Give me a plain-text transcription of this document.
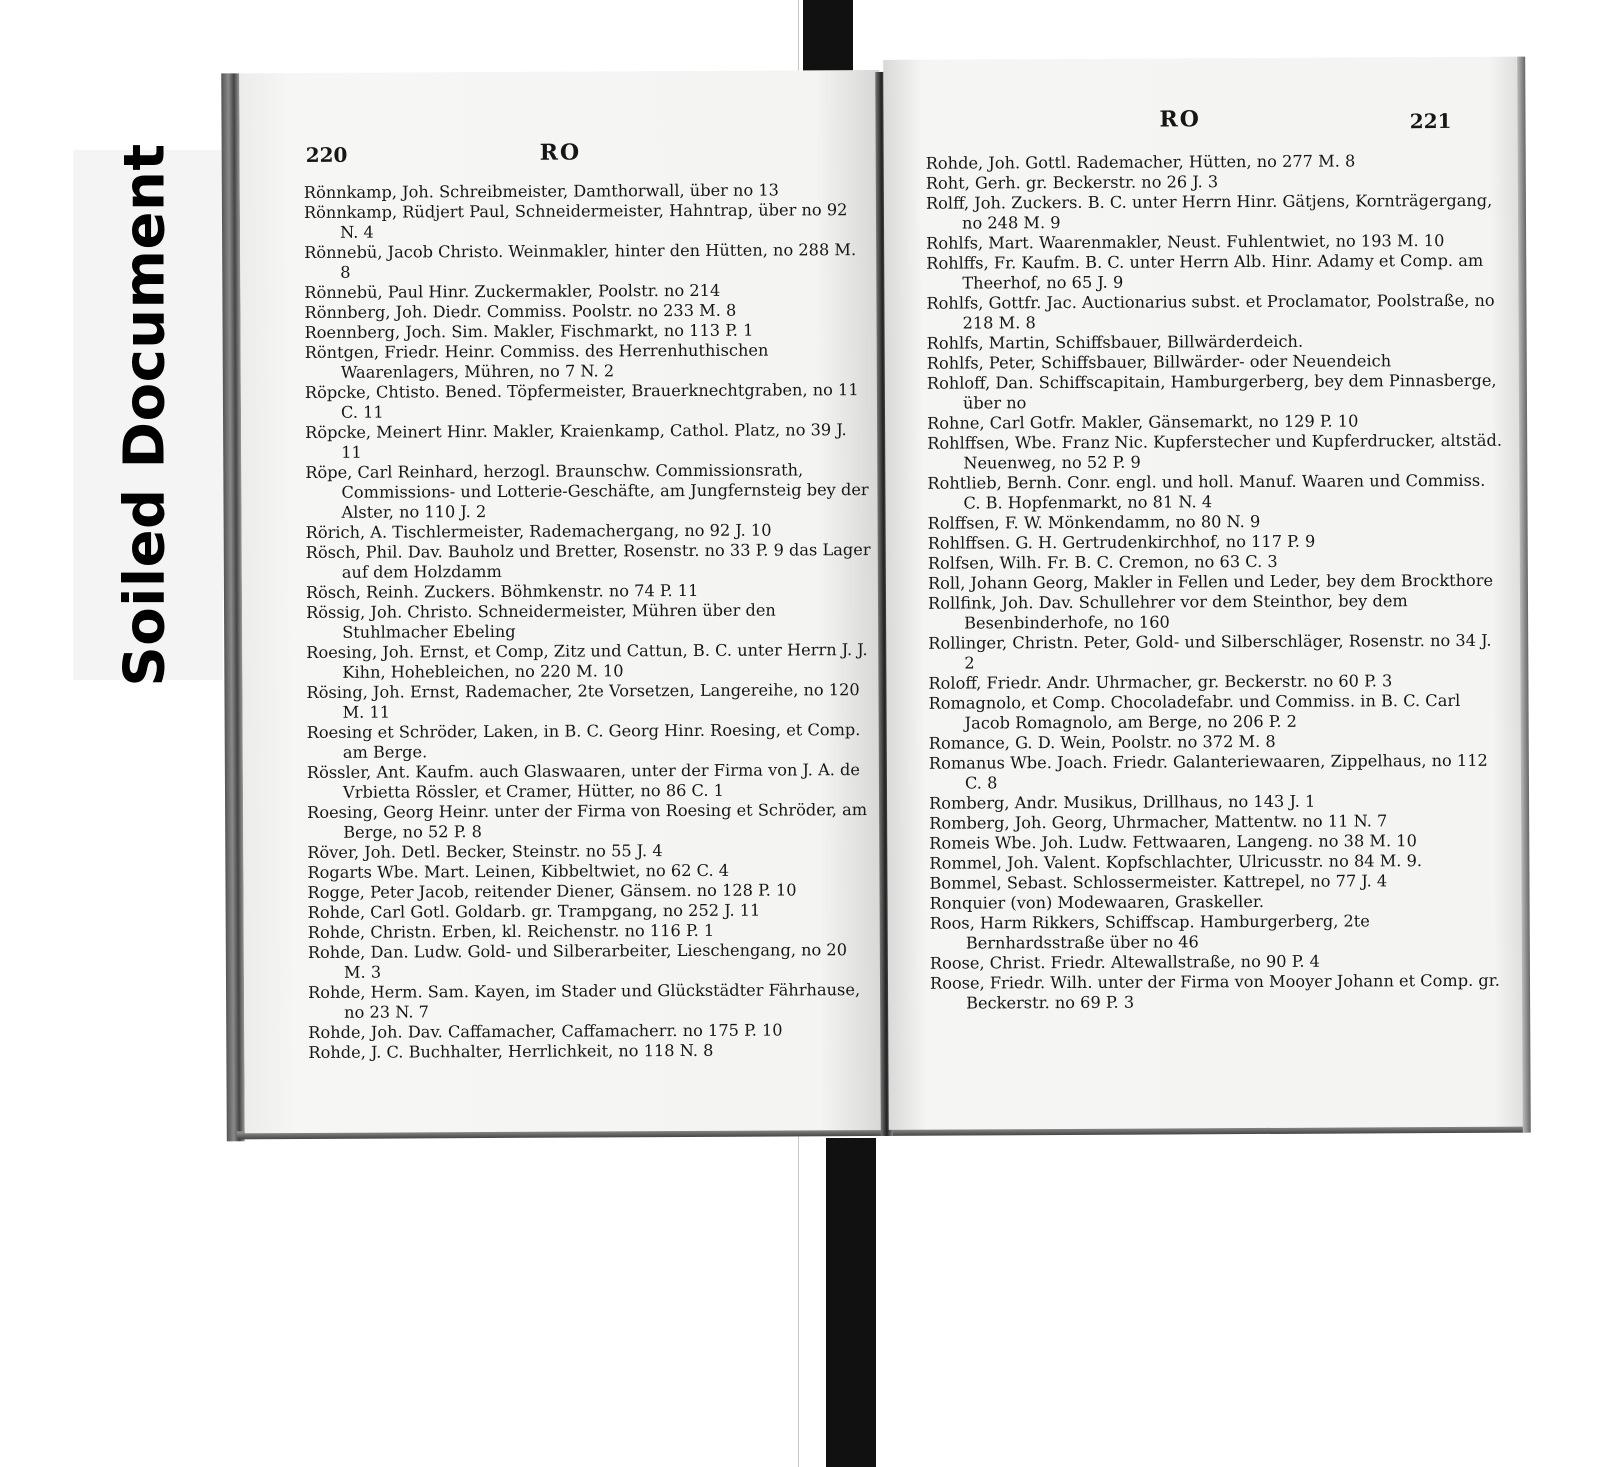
Soiled Document	220	RO
Rönnkamp, Joh. Schreibmeister, Damthorwall, über no 13
Rönnkamp, Rüdjert Paul, Schneidermeister, Hahntrap, über no 92 N. 4
Rönnebü, Jacob Christo. Weinmakler, hinter den Hütten, no 288 M. 8
Rönnebü, Paul Hinr. Zuckermakler, Poolstr. no 214
Rönnberg, Joh. Diedr. Commiss. Poolstr. no 233 M. 8
Roennberg, Joch. Sim. Makler, Fischmarkt, no 113 P. 1
Röntgen, Friedr. Heinr. Commiss. des Herrenhuthischen Waarenlagers, Mühren, no 7 N. 2
Röpcke, Chtisto. Bened. Töpfermeister, Brauerknechtgraben, no 11 C. 11
Röpcke, Meinert Hinr. Makler, Kraienkamp, Cathol. Platz, no 39 J. 11
Röpe, Carl Reinhard, herzogl. Braunschw. Commissionsrath, Commissions- und Lotterie-Geschäfte, am Jungfernsteig bey der Alster, no 110 J. 2
Rörich, A. Tischlermeister, Rademachergang, no 92 J. 10
Rösch, Phil. Dav. Bauholz und Bretter, Rosenstr. no 33 P. 9 das Lager auf dem Holzdamm
Rösch, Reinh. Zuckers. Böhmkenstr. no 74 P. 11
Rössig, Joh. Christo. Schneidermeister, Mühren über den Stuhlmacher Ebeling
Roesing, Joh. Ernst, et Comp, Zitz und Cattun, B. C. unter Herrn J. J. Kihn, Hohebleichen, no 220 M. 10
Rösing, Joh. Ernst, Rademacher, 2te Vorsetzen, Langereihe, no 120 M. 11
Roesing et Schröder, Laken, in B. C. Georg Hinr. Roesing, et Comp. am Berge.
Rössler, Ant. Kaufm. auch Glaswaaren, unter der Firma von J. A. de Vrbietta Rössler, et Cramer, Hütter, no 86 C. 1
Roesing, Georg Heinr. unter der Firma von Roesing et Schröder, am Berge, no 52 P. 8
Röver, Joh. Detl. Becker, Steinstr. no 55 J. 4
Rogarts Wbe. Mart. Leinen, Kibbeltwiet, no 62 C. 4
Rogge, Peter Jacob, reitender Diener, Gänsem. no 128 P. 10
Rohde, Carl Gotl. Goldarb. gr. Trampgang, no 252 J. 11
Rohde, Christn. Erben, kl. Reichenstr. no 116 P. 1
Rohde, Dan. Ludw. Gold- und Silberarbeiter, Lieschengang, no 20 M. 3
Rohde, Herm. Sam. Kayen, im Stader und Glückstädter Fährhause, no 23 N. 7
Rohde, Joh. Dav. Caffamacher, Caffamacherr. no 175 P. 10
Rohde, J. C. Buchhalter, Herrlichkeit, no 118 N. 8
221
RO
Rohde, Joh. Gottl. Rademacher, Hütten, no 277 M. 8
Roht, Gerh. gr. Beckerstr. no 26 J. 3
Rolff, Joh. Zuckers. B. C. unter Herrn Hinr. Gätjens, Kornträgergang, no 248 M. 9
Rohlfs, Mart. Waarenmakler, Neust. Fuhlentwiet, no 193 M. 10
Rohlffs, Fr. Kaufm. B. C. unter Herrn Alb. Hinr. Adamy et Comp. am Theerhof, no 65 J. 9
Rohlfs, Gottfr. Jac. Auctionarius subst. et Proclamator, Poolstraße, no 218 M. 8
Rohlfs, Martin, Schiffsbauer, Billwärderdeich.
Rohlfs, Peter, Schiffsbauer, Billwärder- oder Neuendeich
Rohloff, Dan. Schiffscapitain, Hamburgerberg, bey dem Pinnasberge, über no
Rohne, Carl Gotfr. Makler, Gänsemarkt, no 129 P. 10
Rohlffsen, Wbe. Franz Nic. Kupferstecher und Kupferdrucker, altstäd. Neuenweg, no 52 P. 9
Rohtlieb, Bernh. Conr. engl. und holl. Manuf. Waaren und Commiss. C. B. Hopfenmarkt, no 81 N. 4
Rolffsen, F. W. Mönkendamm, no 80 N. 9
Rohlffsen. G. H. Gertrudenkirchhof, no 117 P. 9
Rolfsen, Wilh. Fr. B. C. Cremon, no 63 C. 3
Roll, Johann Georg, Makler in Fellen und Leder, bey dem Brockthore
Rollfink, Joh. Dav. Schullehrer vor dem Steinthor, bey dem Besenbinderhofe, no 160
Rollinger, Christn. Peter, Gold- und Silberschläger, Rosenstr. no 34 J. 2
Roloff, Friedr. Andr. Uhrmacher, gr. Beckerstr. no 60 P. 3
Romagnolo, et Comp. Chocoladefabr. und Commiss. in B. C. Carl Jacob Romagnolo, am Berge, no 206 P. 2
Romance, G. D. Wein, Poolstr. no 372 M. 8
Romanus Wbe. Joach. Friedr. Galanteriewaaren, Zippelhaus, no 112 C. 8
Romberg, Andr. Musikus, Drillhaus, no 143 J. 1
Romberg, Joh. Georg, Uhrmacher, Mattentw. no 11 N. 7
Romeis Wbe. Joh. Ludw. Fettwaaren, Langeng. no 38 M. 10
Rommel, Joh. Valent. Kopfschlachter, Ulricusstr. no 84 M. 9.
Bommel, Sebast. Schlossermeister. Kattrepel, no 77 J. 4
Ronquier (von) Modewaaren, Graskeller.
Roos, Harm Rikkers, Schiffscap. Hamburgerberg, 2te Bernhardsstraße über no 46
Roose, Christ. Friedr. Altewallstraße, no 90 P. 4
Roose, Friedr. Wilh. unter der Firma von Mooyer Johann et Comp. gr. Beckerstr. no 69 P. 3
